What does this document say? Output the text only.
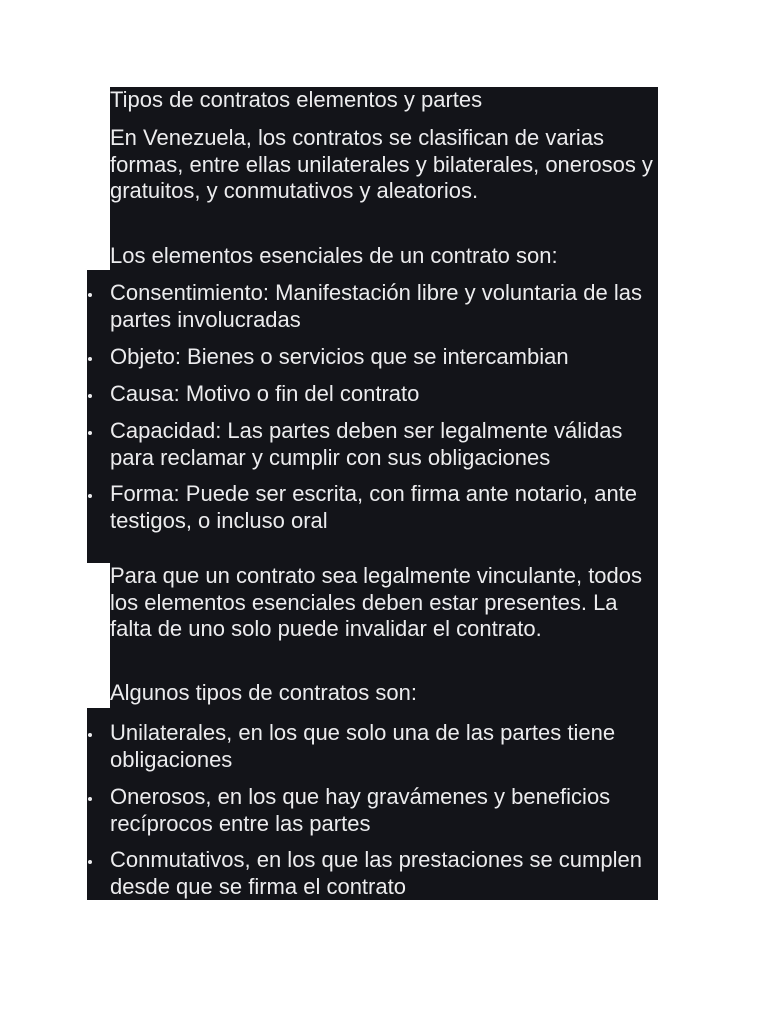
Tipos de contratos elementos y partes

En Venezuela, los contratos se clasifican de varias formas, entre ellas unilaterales y bilaterales, onerosos y gratuitos, y conmutativos y aleatorios.

Los elementos esenciales de un contrato son:

Consentimiento: Manifestación libre y voluntaria de las partes involucradas
Objeto: Bienes o servicios que se intercambian
Causa: Motivo o fin del contrato
Capacidad: Las partes deben ser legalmente válidas para reclamar y cumplir con sus obligaciones
Forma: Puede ser escrita, con firma ante notario, ante testigos, o incluso oral

Para que un contrato sea legalmente vinculante, todos los elementos esenciales deben estar presentes. La falta de uno solo puede invalidar el contrato.

Algunos tipos de contratos son:

Unilaterales, en los que solo una de las partes tiene obligaciones
Onerosos, en los que hay gravámenes y beneficios recíprocos entre las partes
Conmutativos, en los que las prestaciones se cumplen desde que se firma el contrato
